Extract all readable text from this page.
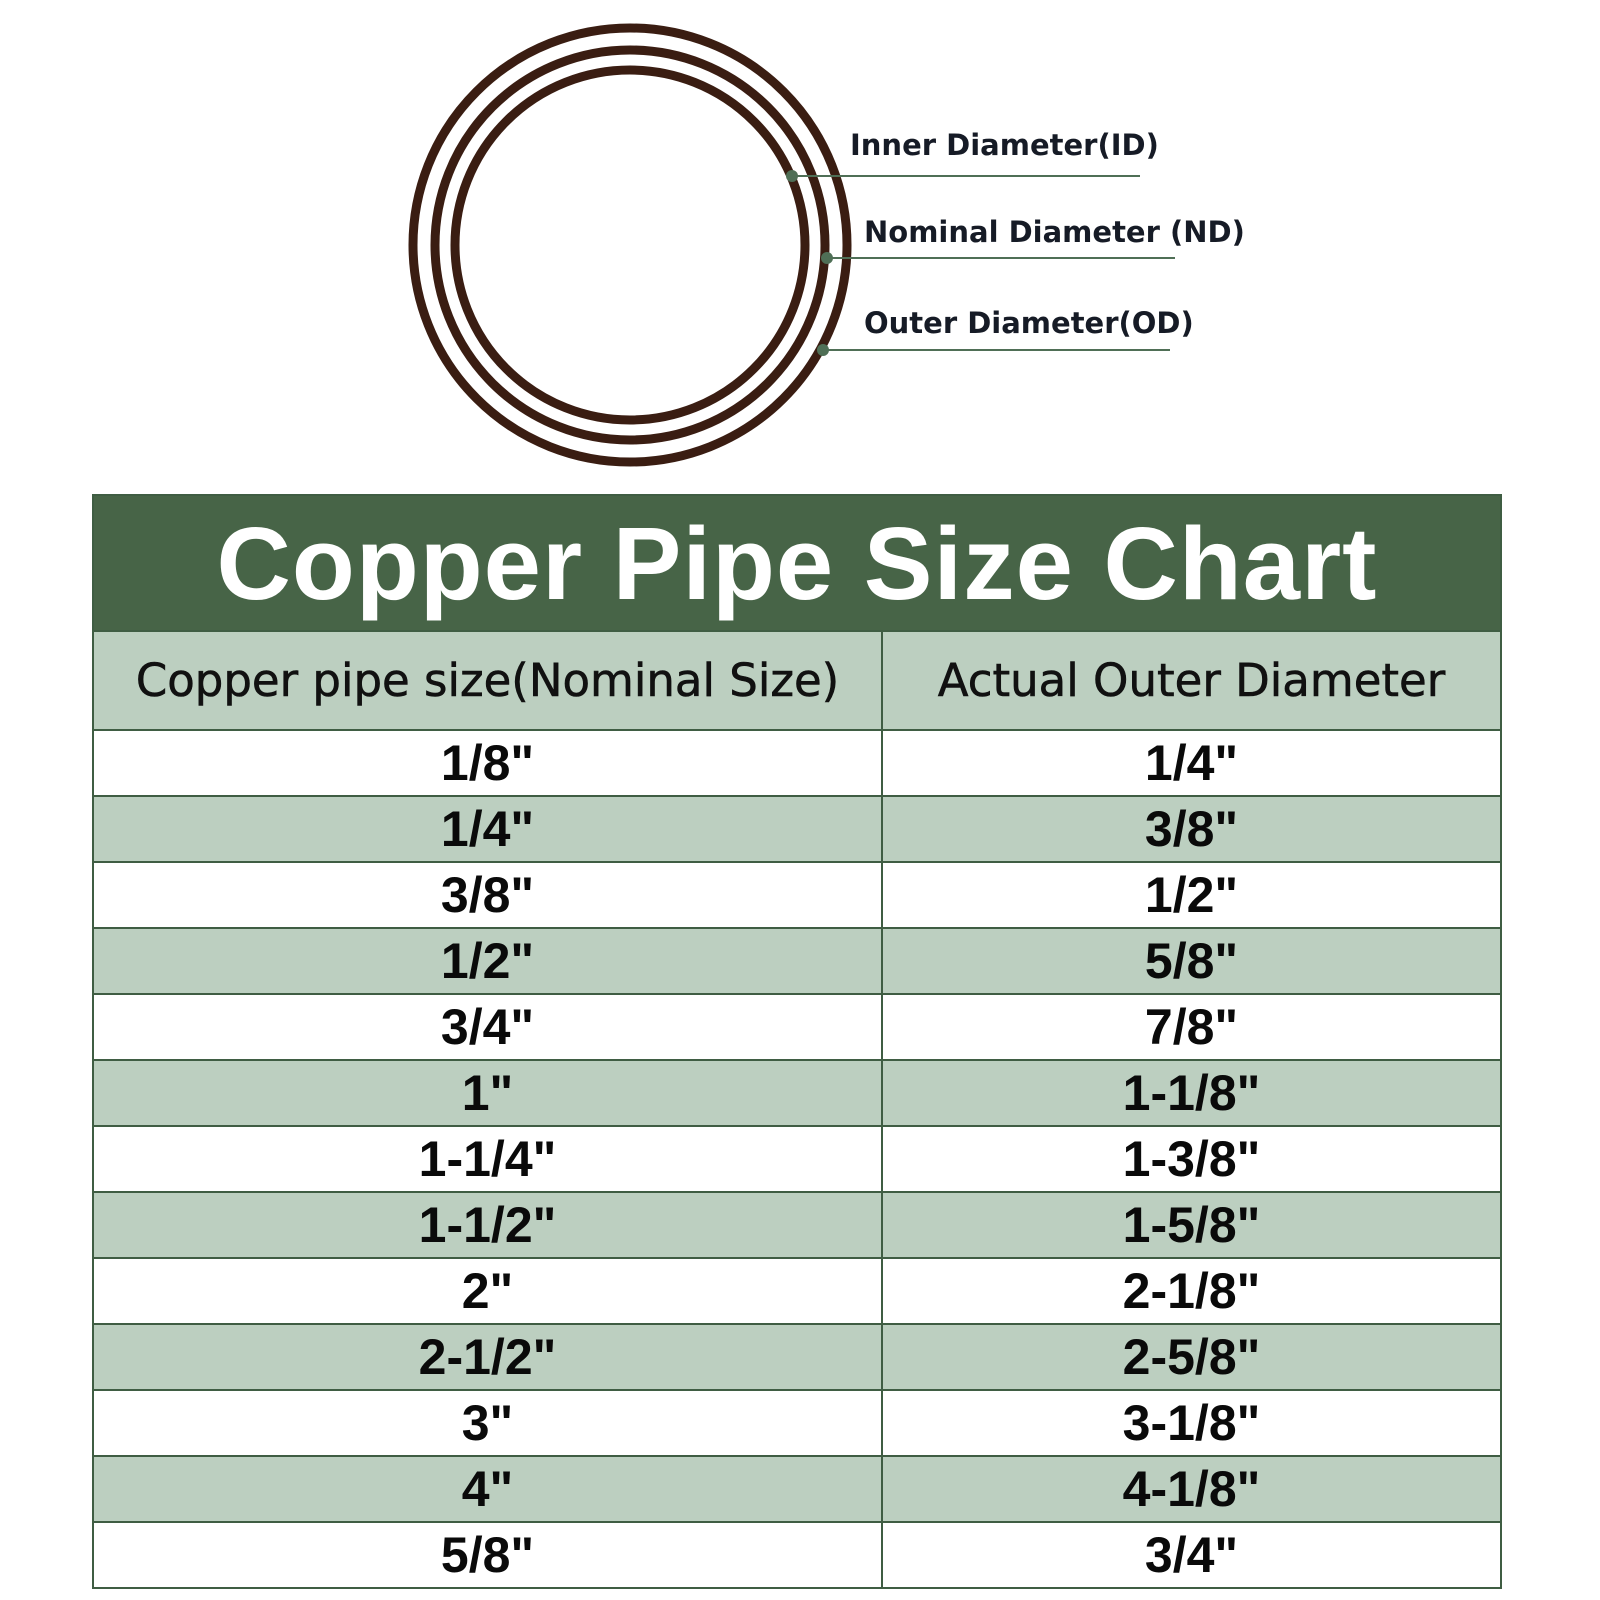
Inner Diameter(ID)
Nominal Diameter (ND)
Outer Diameter(OD)
Copper Pipe Size Chart
Copper pipe size(Nominal Size)	Actual Outer Diameter
1/8"	1/4"
1/4"	3/8"
3/8"	1/2"
1/2"	5/8"
3/4"	7/8"
1"	1-1/8"
1-1/4"	1-3/8"
1-1/2"	1-5/8"
2"	2-1/8"
2-1/2"	2-5/8"
3"	3-1/8"
4"	4-1/8"
5/8"	3/4"
